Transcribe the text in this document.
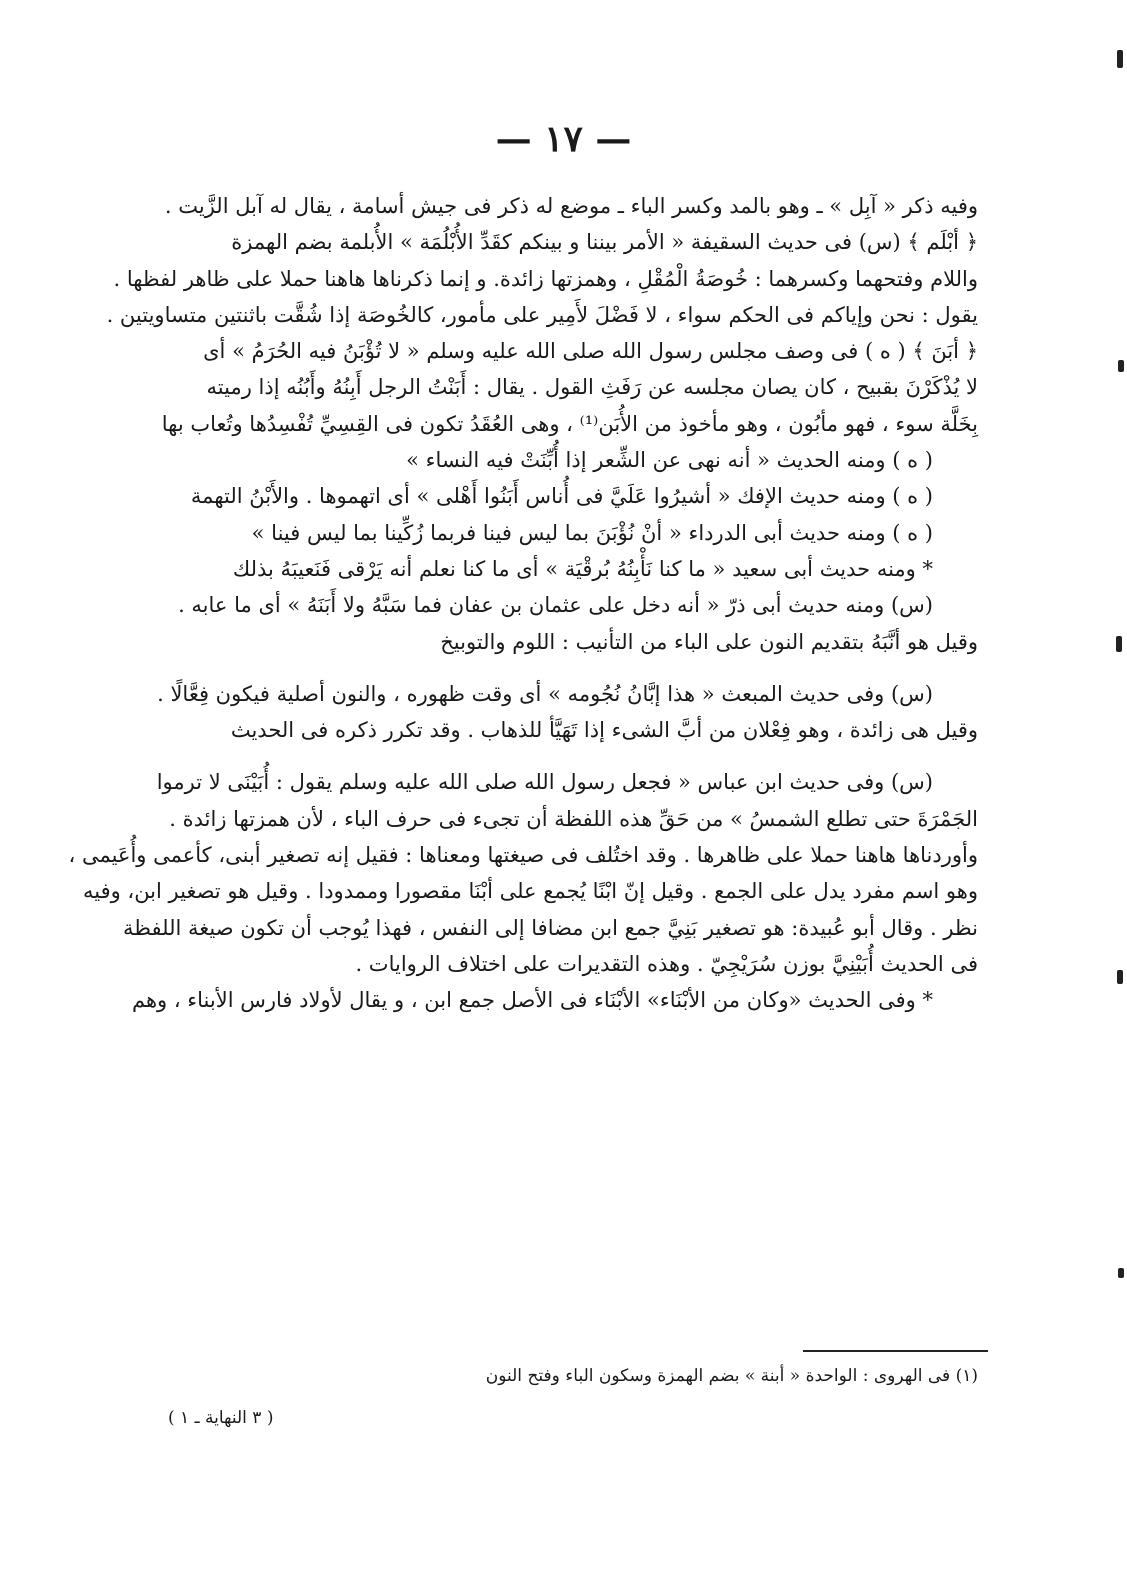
— ١٧ —
وفيه ذكر « آبِل » ـ وهو بالمد وكسر الباء ـ موضع له ذكر فى جيش أسامة ، يقال له آبل الزَّيت .
﴿ أبْلَم ﴾ (س) فى حديث السقيفة « الأمر بيننا و بينكم كقَدِّ الأُبْلُمَة » الأُبلمة بضم الهمزة
واللام وفتحهما وكسرهما : خُوصَةُ الْمُقْلِ ، وهمزتها زائدة. و إنما ذكرناها هاهنا حملا على ظاهر لفظها .
يقول : نحن وإياكم فى الحكم سواء ، لا فَضْلَ لأَمِير على مأمور، كالخُوصَة إذا شُقَّت باثنتين متساويتين .
﴿ أبَنَ ﴾ ( ه ) فى وصف مجلس رسول الله صلى الله عليه وسلم « لا تُؤْبَنُ فيه الحُرَمُ » أى
لا يُذْكَرْنَ بقبيح ، كان يصان مجلسه عن رَفَثِ القول . يقال : أَبَنْتُ الرجل أَبِنُهُ وأَبُنُه إذا رميته
بِخَلَّة سوء ، فهو مأبُون ، وهو مأخوذ من الأُبَن⁽¹⁾ ، وهى العُقَدُ تكون فى القِسِيِّ تُفْسِدُها وتُعاب بها
( ه ) ومنه الحديث « أنه نهى عن الشِّعر إذا أُبِّنَتْ فيه النساء »
( ه ) ومنه حديث الإفك « أشيرُوا عَلَيَّ فى أُناس أَبَنُوا أَهْلى » أى اتهموها . والأَبْنُ التهمة
( ه ) ومنه حديث أبى الدرداء « أنْ نُؤْبَنَ بما ليس فينا فربما زُكِّينا بما ليس فينا »
* ومنه حديث أبى سعيد « ما كنا نَأْبِنُهُ بُرقْيَة » أى ما كنا نعلم أنه يَرْقى فَنَعيبَهُ بذلك
(س) ومنه حديث أبى ذرّ « أنه دخل على عثمان بن عفان فما سَبَّهُ ولا أَبَنَهُ » أى ما عابه .
وقيل هو أنَّبَهُ بتقديم النون على الباء من التأنيب : اللوم والتوبيخ
(س) وفى حديث المبعث « هذا إبَّانُ نُجُومه » أى وقت ظهوره ، والنون أصلية فيكون فِعَّالًا .
وقيل هى زائدة ، وهو فِعْلان من أبَّ الشىء إذا تَهَيَّأ للذهاب . وقد تكرر ذكره فى الحديث
(س) وفى حديث ابن عباس « فجعل رسول الله صلى الله عليه وسلم يقول : أُبَيْنَى لا ترموا
الجَمْرَةَ حتى تطلع الشمسُ » من حَقِّ هذه اللفظة أن تجىء فى حرف الباء ، لأن همزتها زائدة .
وأوردناها هاهنا حملا على ظاهرها . وقد اختُلف فى صيغتها ومعناها : فقيل إنه تصغير أبنى، كأعمى وأُعَيمى ،
وهو اسم مفرد يدل على الجمع . وقيل إنّ ابْنًا يُجمع على أبْنَا مقصورا وممدودا . وقيل هو تصغير ابن، وفيه
نظر . وقال أبو عُبيدة: هو تصغير بَنِيَّ جمع ابن مضافا إلى النفس ، فهذا يُوجب أن تكون صيغة اللفظة
فى الحديث أُبَيْنِيَّ بوزن سُرَيْجِيّ . وهذه التقديرات على اختلاف الروايات .
* وفى الحديث «وكان من الأبْنَاء» الأبْنَاء فى الأصل جمع ابن ، و يقال لأولاد فارس الأبناء ، وهم
(١) فى الهروى : الواحدة « أبنة » بضم الهمزة وسكون الباء وفتح النون
( ٣ النهاية ـ ١ )
